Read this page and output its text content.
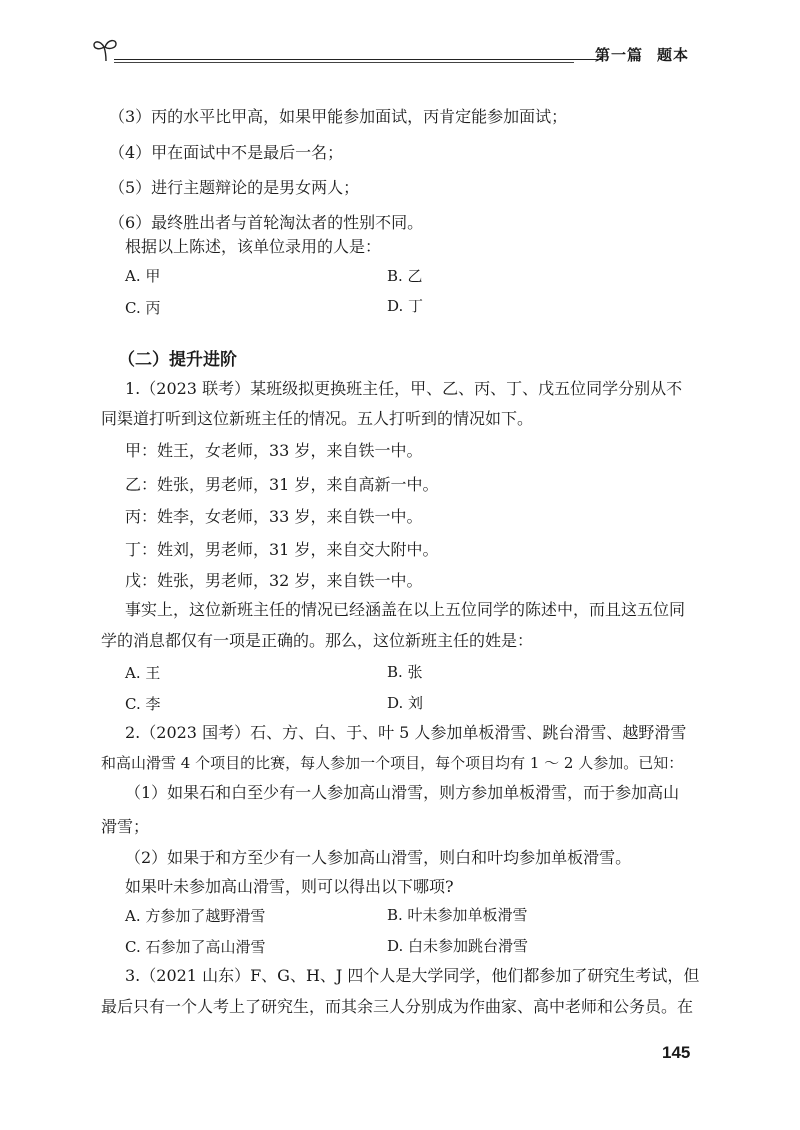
第一篇 题本
（3）丙的水平比甲高，如果甲能参加面试，丙肯定能参加面试；
（4）甲在面试中不是最后一名；
（5）进行主题辩论的是男女两人；
（6）最终胜出者与首轮淘汰者的性别不同。
根据以上陈述，该单位录用的人是：
A. 甲	B. 乙
C. 丙	D. 丁
（二）提升进阶
1.（2023 联考）某班级拟更换班主任，甲、乙、丙、丁、戊五位同学分别从不
同渠道打听到这位新班主任的情况。五人打听到的情况如下。
甲：姓王，女老师，33 岁，来自铁一中。
乙：姓张，男老师，31 岁，来自高新一中。
丙：姓李，女老师，33 岁，来自铁一中。
丁：姓刘，男老师，31 岁，来自交大附中。
戊：姓张，男老师，32 岁，来自铁一中。
事实上，这位新班主任的情况已经涵盖在以上五位同学的陈述中，而且这五位同
学的消息都仅有一项是正确的。那么，这位新班主任的姓是：
A. 王	B. 张
C. 李	D. 刘
2.（2023 国考）石、方、白、于、叶 5 人参加单板滑雪、跳台滑雪、越野滑雪
和高山滑雪 4 个项目的比赛，每人参加一个项目，每个项目均有 1 ～ 2 人参加。已知：
（1）如果石和白至少有一人参加高山滑雪，则方参加单板滑雪，而于参加高山
滑雪；
（2）如果于和方至少有一人参加高山滑雪，则白和叶均参加单板滑雪。
如果叶未参加高山滑雪，则可以得出以下哪项?
A. 方参加了越野滑雪	B. 叶未参加单板滑雪
C. 石参加了高山滑雪	D. 白未参加跳台滑雪
3.（2021 山东）F、G、H、J 四个人是大学同学，他们都参加了研究生考试，但
最后只有一个人考上了研究生，而其余三人分别成为作曲家、高中老师和公务员。在
145
